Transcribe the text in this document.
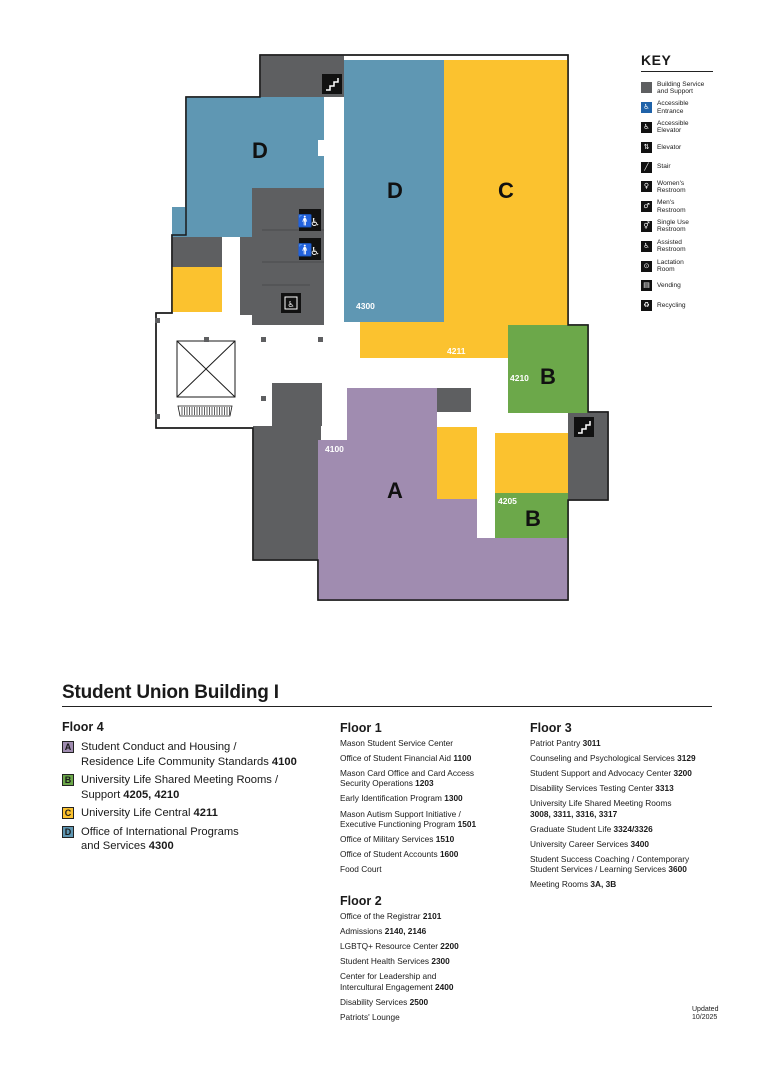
🚹
♿
🚹
♿
♿
D
D	C
B
B
A
4300
4211
4210
4100
4205
KEY
Building Service
and Support
♿	Accessible
Entrance
♿	Accessible
Elevator
⇅	Elevator
╱	Stair
♀	Women's
Restroom
♂	Men's
Restroom
⚥	Single Use
Restroom
♿	Assisted
Restroom
⊙	Lactation
Room
▤	Vending
♻	Recycling
Student Union Building I
Floor 4
A Student Conduct and Housing /
Residence Life Community Standards 4100
B University Life Shared Meeting Rooms /
Support 4205, 4210
C University Life Central 4211
D Office of International Programs
and Services 4300
Floor 1
Mason Student Service Center
Office of Student Financial Aid 1100
Mason Card Office and Card Access
Security Operations 1203
Early Identification Program 1300
Mason Autism Support Initiative /
Executive Functioning Program 1501
Office of Military Services 1510
Office of Student Accounts 1600
Food Court
Floor 2
Office of the Registrar 2101
Admissions 2140, 2146
LGBTQ+ Resource Center 2200
Student Health Services 2300
Center for Leadership and
Intercultural Engagement 2400
Disability Services 2500
Patriots' Lounge
Floor 3
Patriot Pantry 3011
Counseling and Psychological Services 3129
Student Support and Advocacy Center 3200
Disability Services Testing Center 3313
University Life Shared Meeting Rooms
3008, 3311, 3316, 3317
Graduate Student Life 3324/3326
University Career Services 3400
Student Success Coaching / Contemporary
Student Services / Learning Services 3600
Meeting Rooms 3A, 3B
Updated
10/2025
